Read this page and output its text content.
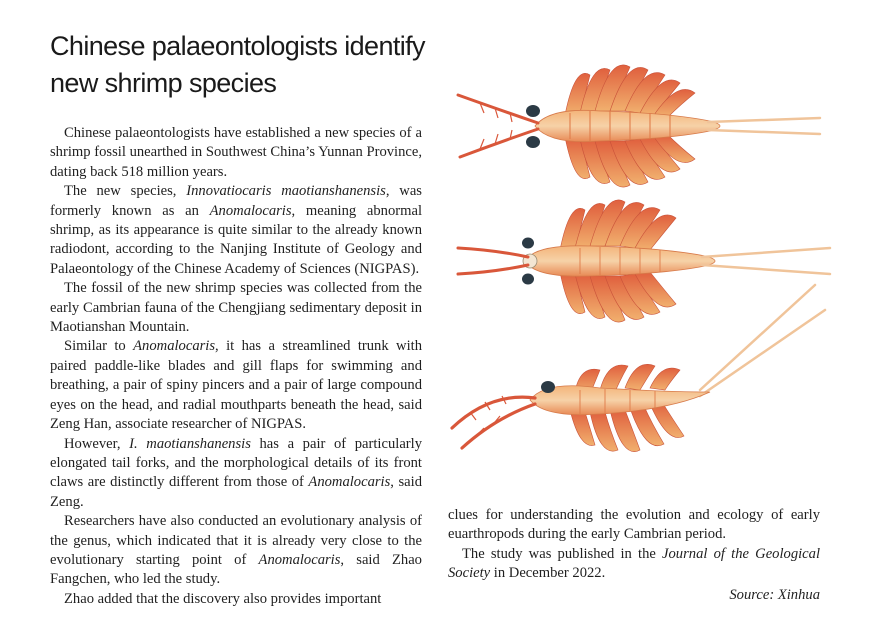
Chinese palaeontologists identify
new shrimp species

Chinese palaeontologists have established a new species of a shrimp fossil unearthed in Southwest China’s Yunnan Province, dating back 518 million years.

The new species, Innovatiocaris maotianshanensis, was formerly known as an Anomalocaris, meaning abnormal shrimp, as its appearance is quite similar to the already known radiodont, according to the Nanjing Institute of Geology and Palaeontology of the Chinese Academy of Sciences (NIGPAS).

The fossil of the new shrimp species was collected from the early Cambrian fauna of the Chengjiang sedimentary deposit in Maotianshan Mountain.

Similar to Anomalocaris, it has a streamlined trunk with paired paddle-like blades and gill flaps for swimming and breathing, a pair of spiny pincers and a pair of large compound eyes on the head, and radial mouthparts beneath the head, said Zeng Han, associate researcher of NIGPAS.

However, I. maotianshanensis has a pair of particularly elongated tail forks, and the morphological details of its front claws are distinctly different from those of Anomalocaris, said Zeng.

Researchers have also conducted an evolutionary analysis of the genus, which indicated that it is already very close to the evolutionary starting point of Anomalocaris, said Zhao Fangchen, who led the study.

Zhao added that the discovery also provides important

clues for understanding the evolution and ecology of early euarthropods during the early Cambrian period.

The study was published in the Journal of the Geological Society in December 2022.

Source: Xinhua
